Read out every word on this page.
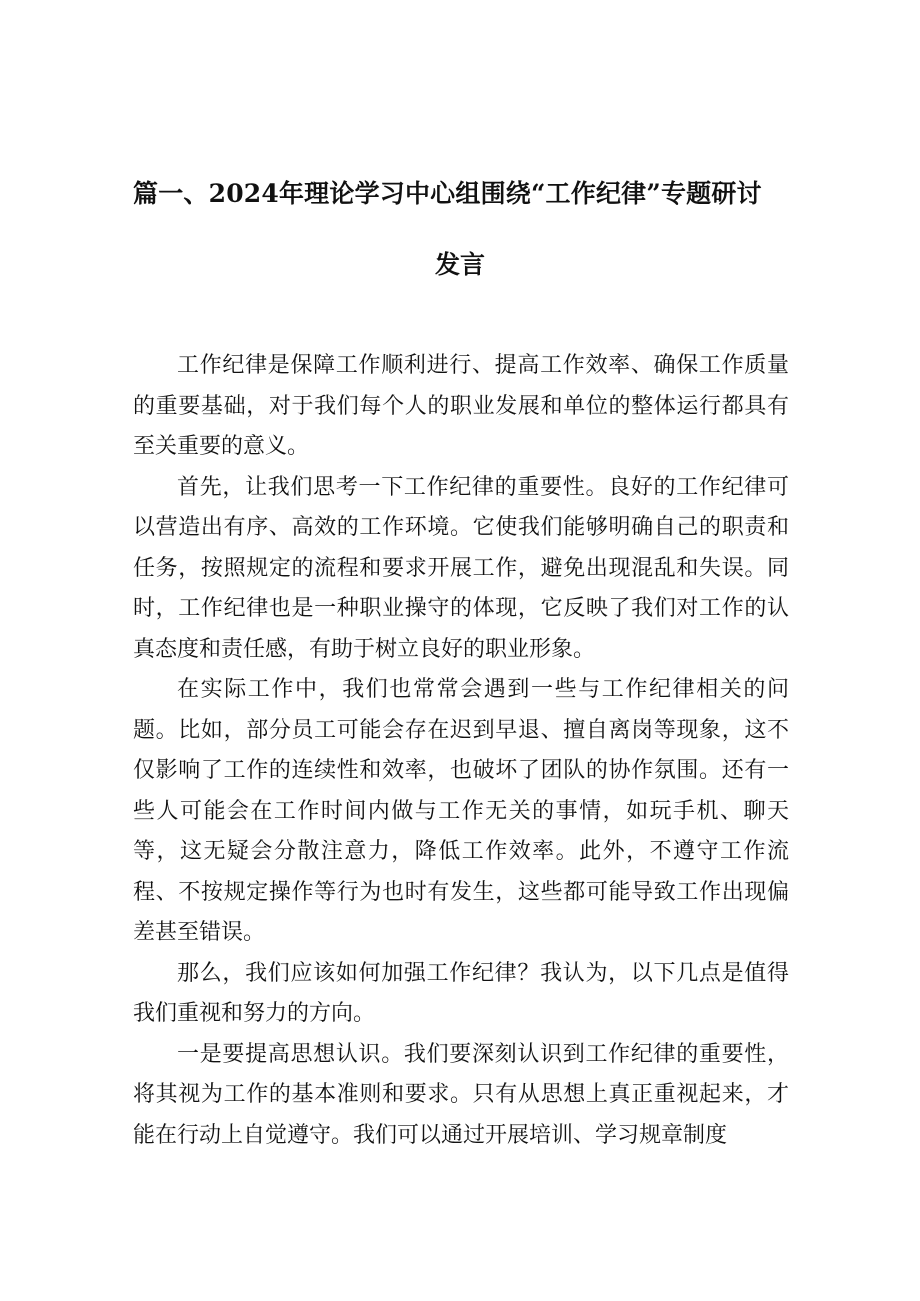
篇一、2024年理论学习中心组围绕“工作纪律”专题研讨
发言

工作纪律是保障工作顺利进行、提高工作效率、确保工作质量的重要基础，对于我们每个人的职业发展和单位的整体运行都具有至关重要的意义。

首先，让我们思考一下工作纪律的重要性。良好的工作纪律可以营造出有序、高效的工作环境。它使我们能够明确自己的职责和任务，按照规定的流程和要求开展工作，避免出现混乱和失误。同时，工作纪律也是一种职业操守的体现，它反映了我们对工作的认真态度和责任感，有助于树立良好的职业形象。

在实际工作中，我们也常常会遇到一些与工作纪律相关的问题。比如，部分员工可能会存在迟到早退、擅自离岗等现象，这不仅影响了工作的连续性和效率，也破坏了团队的协作氛围。还有一些人可能会在工作时间内做与工作无关的事情，如玩手机、聊天等，这无疑会分散注意力，降低工作效率。此外，不遵守工作流程、不按规定操作等行为也时有发生，这些都可能导致工作出现偏差甚至错误。

那么，我们应该如何加强工作纪律？我认为，以下几点是值得我们重视和努力的方向。

一是要提高思想认识。我们要深刻认识到工作纪律的重要性，将其视为工作的基本准则和要求。只有从思想上真正重视起来，才能在行动上自觉遵守。我们可以通过开展培训、学习规章制度
